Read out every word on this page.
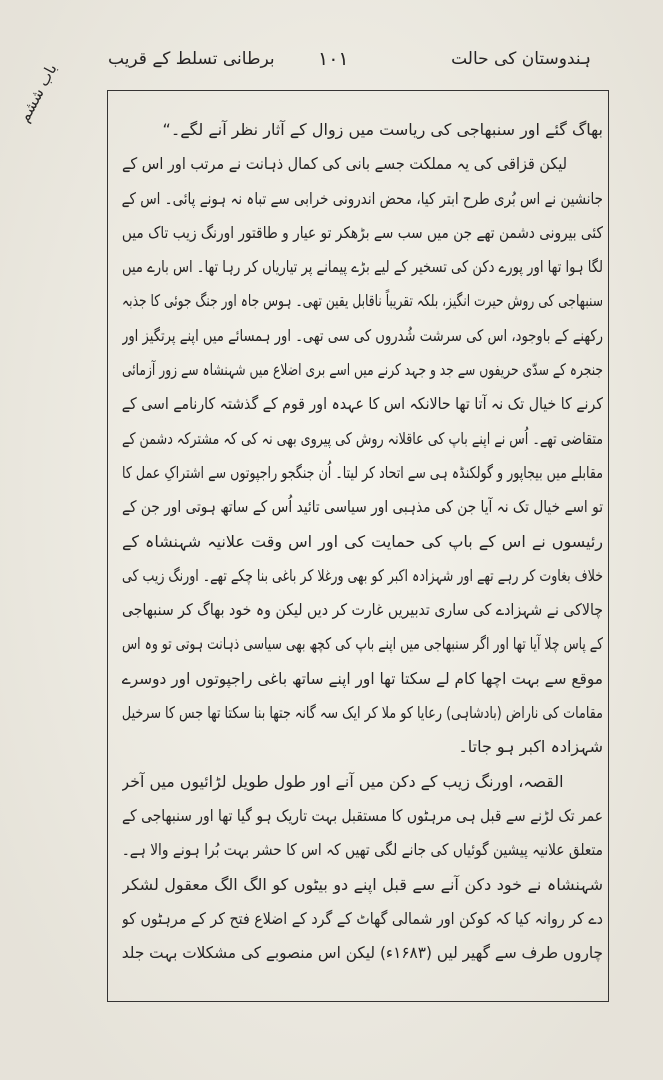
ہندوستان کی حالت
۱۰۱
برطانی تسلط کے قریب
باب ششم
بھاگ گئے اور سنبھاجی کی ریاست میں زوال کے آثار نظر آنے لگے۔“
لیکن قزاقی کی یہ مملکت جسے بانی کی کمال ذہانت نے مرتب اور اس کے
جانشین نے اس بُری طرح ابتر کیا، محض اندرونی خرابی سے تباہ نہ ہونے پائی۔ اس کے
کئی بیرونی دشمن تھے جن میں سب سے بڑھکر تو عیار و طاقتور اورنگ زیب تاک میں
لگا ہوا تھا اور پورے دکن کی تسخیر کے لیے بڑے پیمانے پر تیاریاں کر رہا تھا۔ اس بارے میں
سنبھاجی کی روش حیرت انگیز، بلکہ تقریباً ناقابل یقین تھی۔ ہوس جاہ اور جنگ جوئی کا جذبہ
رکھنے کے باوجود، اس کی سرشت شُدروں کی سی تھی۔ اور ہمسائے میں اپنے پرتگیز اور
جنجرہ کے سدّی حریفوں سے جد و جہد کرنے میں اسے بری اضلاع میں شہنشاہ سے زور آزمائی
کرنے کا خیال تک نہ آتا تھا حالانکہ اس کا عہدہ اور قوم کے گذشتہ کارنامے اسی کے
متقاضی تھے۔ اُس نے اپنے باپ کی عاقلانہ روش کی پیروی بھی نہ کی کہ مشترکہ دشمن کے
مقابلے میں بیجاپور و گولکنڈہ ہی سے اتحاد کر لیتا۔ اُن جنگجو راجپوتوں سے اشتراکِ عمل کا
تو اسے خیال تک نہ آیا جن کی مذہبی اور سیاسی تائید اُس کے ساتھ ہوتی اور جن کے
رئیسوں نے اس کے باپ کی حمایت کی اور اس وقت علانیہ شہنشاہ کے
خلاف بغاوت کر رہے تھے اور شہزادہ اکبر کو بھی ورغلا کر باغی بنا چکے تھے۔ اورنگ زیب کی
چالاکی نے شہزادے کی ساری تدبیریں غارت کر دیں لیکن وہ خود بھاگ کر سنبھاجی
کے پاس چلا آیا تھا اور اگر سنبھاجی میں اپنے باپ کی کچھ بھی سیاسی ذہانت ہوتی تو وہ اس
موقع سے بہت اچھا کام لے سکتا تھا اور اپنے ساتھ باغی راجپوتوں اور دوسرے
مقامات کی ناراض (بادشاہی) رعایا کو ملا کر ایک سہ گانہ جتھا بنا سکتا تھا جس کا سرخیل
شہزادہ اکبر ہو جاتا۔
القصہ، اورنگ زیب کے دکن میں آنے اور طول طویل لڑائیوں میں آخر
عمر تک لڑنے سے قبل ہی مرہٹوں کا مستقبل بہت تاریک ہو گیا تھا اور سنبھاجی کے
متعلق علانیہ پیشین گوئیاں کی جانے لگی تھیں کہ اس کا حشر بہت بُرا ہونے والا ہے۔
شہنشاہ نے خود دکن آنے سے قبل اپنے دو بیٹوں کو الگ الگ معقول لشکر
دے کر روانہ کیا کہ کوکن اور شمالی گھاٹ کے گرد کے اضلاع فتح کر کے مرہٹوں کو
چاروں طرف سے گھیر لیں (۱۶۸۳ء) لیکن اس منصوبے کی مشکلات بہت جلد
